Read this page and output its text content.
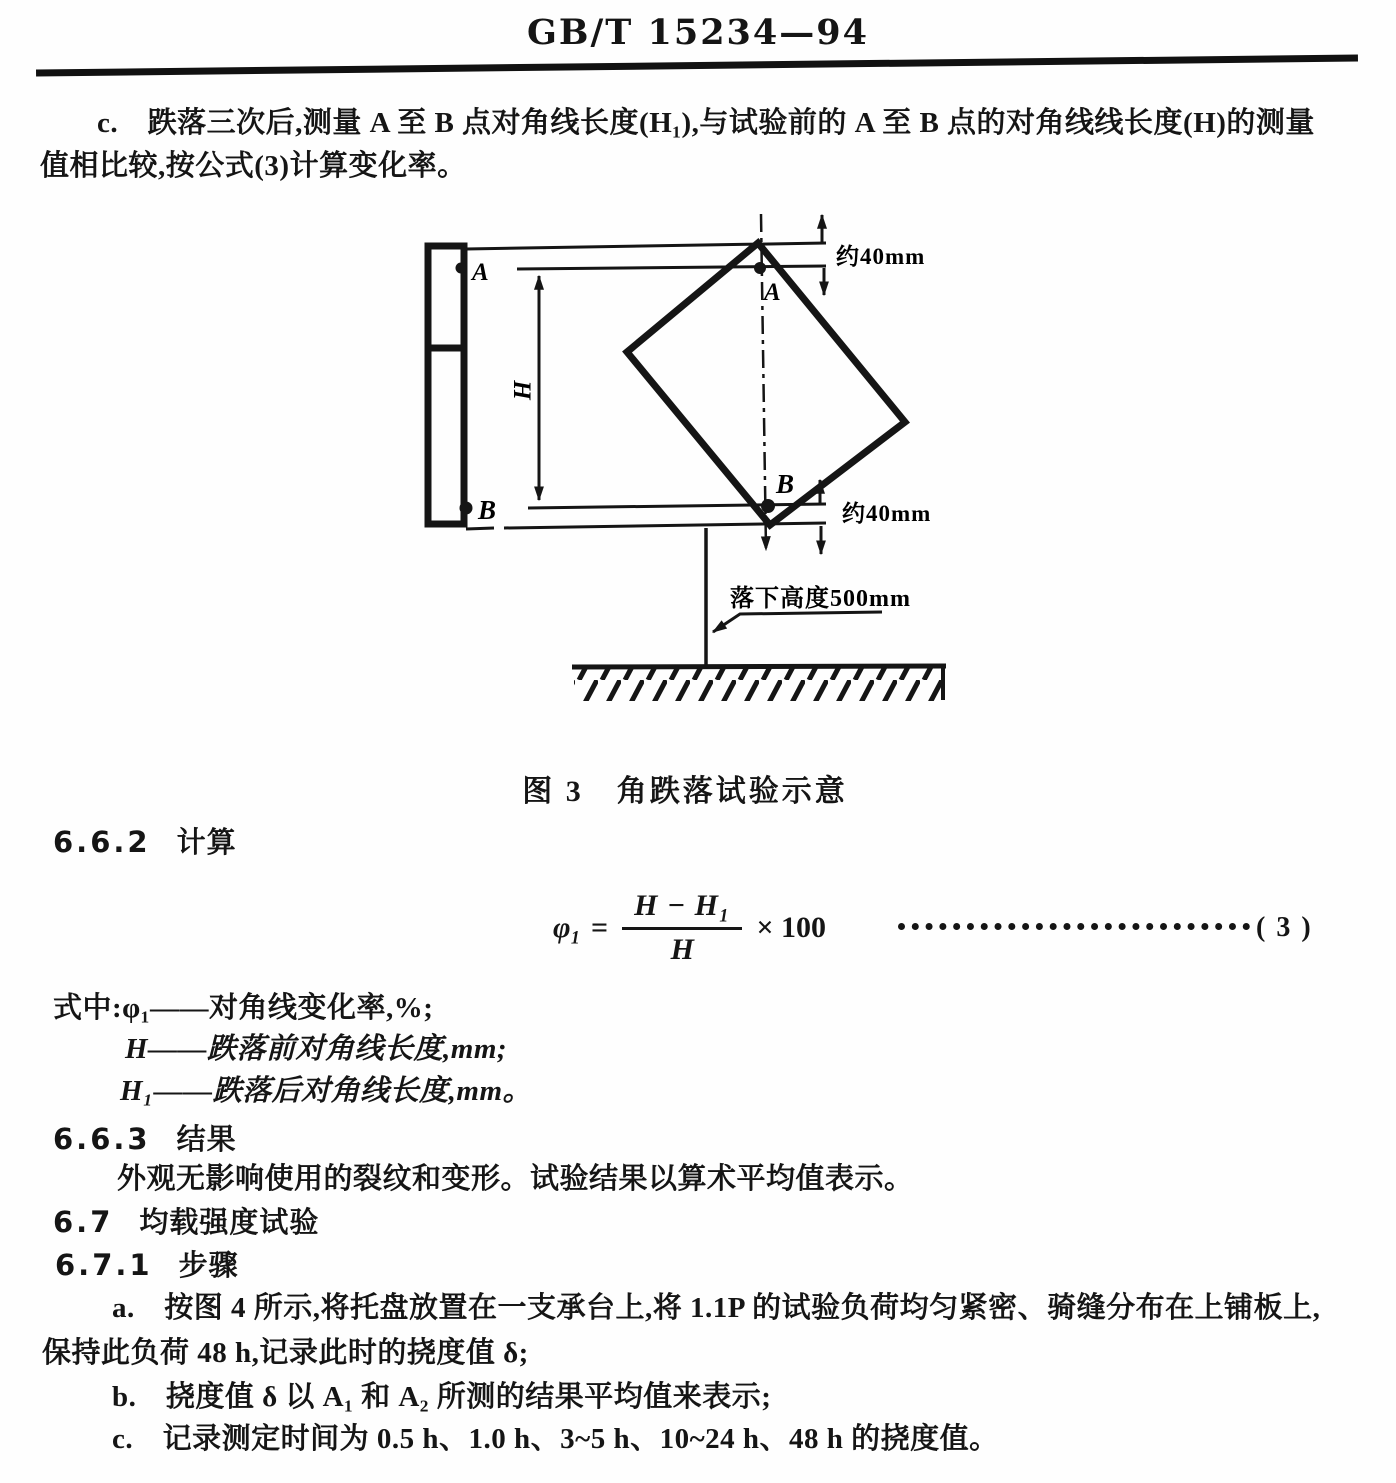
GB/T 15234—94
c.　跌落三次后,测量 A 至 B 点对角线长度(H₁),与试验前的 A 至 B 点的对角线线长度(H)的测量
值相比较,按公式(3)计算变化率。
A
B
H
A
B
约40mm
约40mm
落下高度500mm
图 3　角跌落试验示意
6.6.2 计算
$\varphi_1 = \frac{\text{H − H₁}}{H} \times 100$	( 3 )
式中:φ₁——对角线变化率,%;
H——跌落前对角线长度,mm;
H₁——跌落后对角线长度,mm。
6.6.3 结果
外观无影响使用的裂纹和变形。试验结果以算术平均值表示。
6.7 均载强度试验
6.7.1 步骤
a.　按图 4 所示,将托盘放置在一支承台上,将 1.1P 的试验负荷均匀紧密、骑缝分布在上铺板上,
保持此负荷 48 h,记录此时的挠度值 δ;
b.　挠度值 δ 以 A₁ 和 A₂ 所测的结果平均值来表示;
c.　记录测定时间为 0.5 h、1.0 h、3~5 h、10~24 h、48 h 的挠度值。
